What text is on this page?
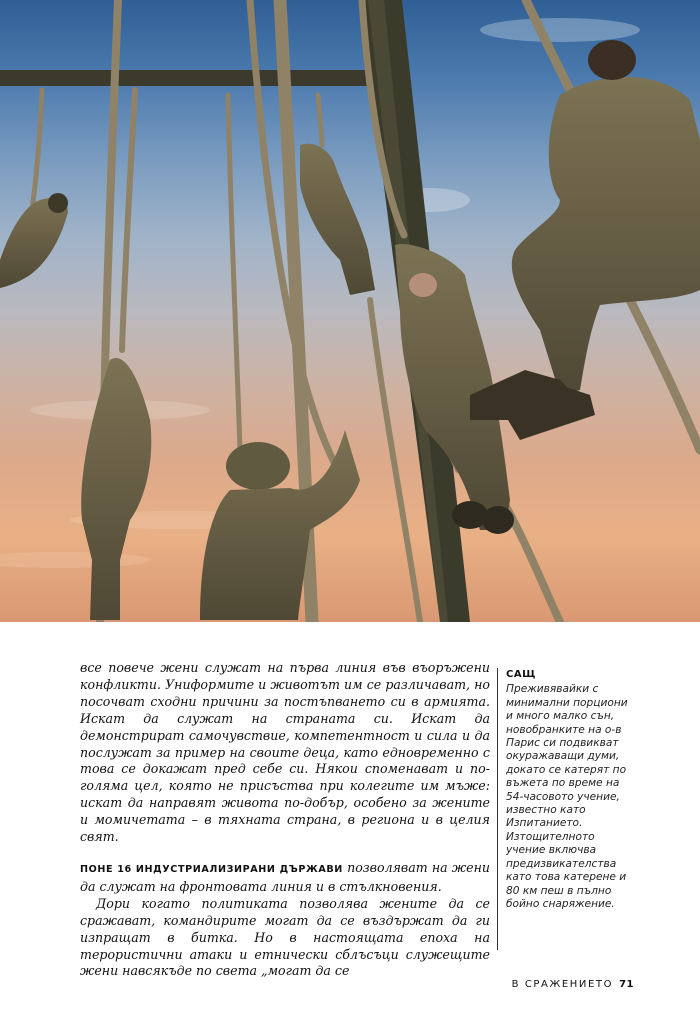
все повече жени служат на първа линия във въоръжени конфликти. Униформите и животът им се различават, но посочват сходни причини за постъпването си в армията. Искат да служат на страната си. Искат да демонстрират самочувствие, компетентност и сила и да послужат за пример на своите деца, като едновременно с това се докажат пред себе си. Някои споменават и по-голяма цел, която не присъства при колегите им мъже: искат да направят живота по-добър, особено за жените и момичетата – в тяхната страна, в региона и в целия свят.

ПОНЕ 16 ИНДУСТРИАЛИЗИРАНИ ДЪРЖАВИ позволяват на жени да служат на фронтовата линия и в стълкновения.

Дори когато политиката позволява жените да се сражават, командирите могат да се въздържат да ги изпращат в битка. Но в настоящата епоха на терористични атаки и етнически сблъсъци служещите жени навсякъде по света „могат да се

САЩ

Преживявайки с минимални порциони и много малко сън, новобранките на о-в Парис си подвикват окуражаващи думи, докато се катерят по въжета по време на 54-часовото учение, известно като Изпитанието. Изтощителното учение включва предизвикателства като това катерене и 80 км пеш в пълно бойно снаряжение.

В СРАЖЕНИЕТО 71
